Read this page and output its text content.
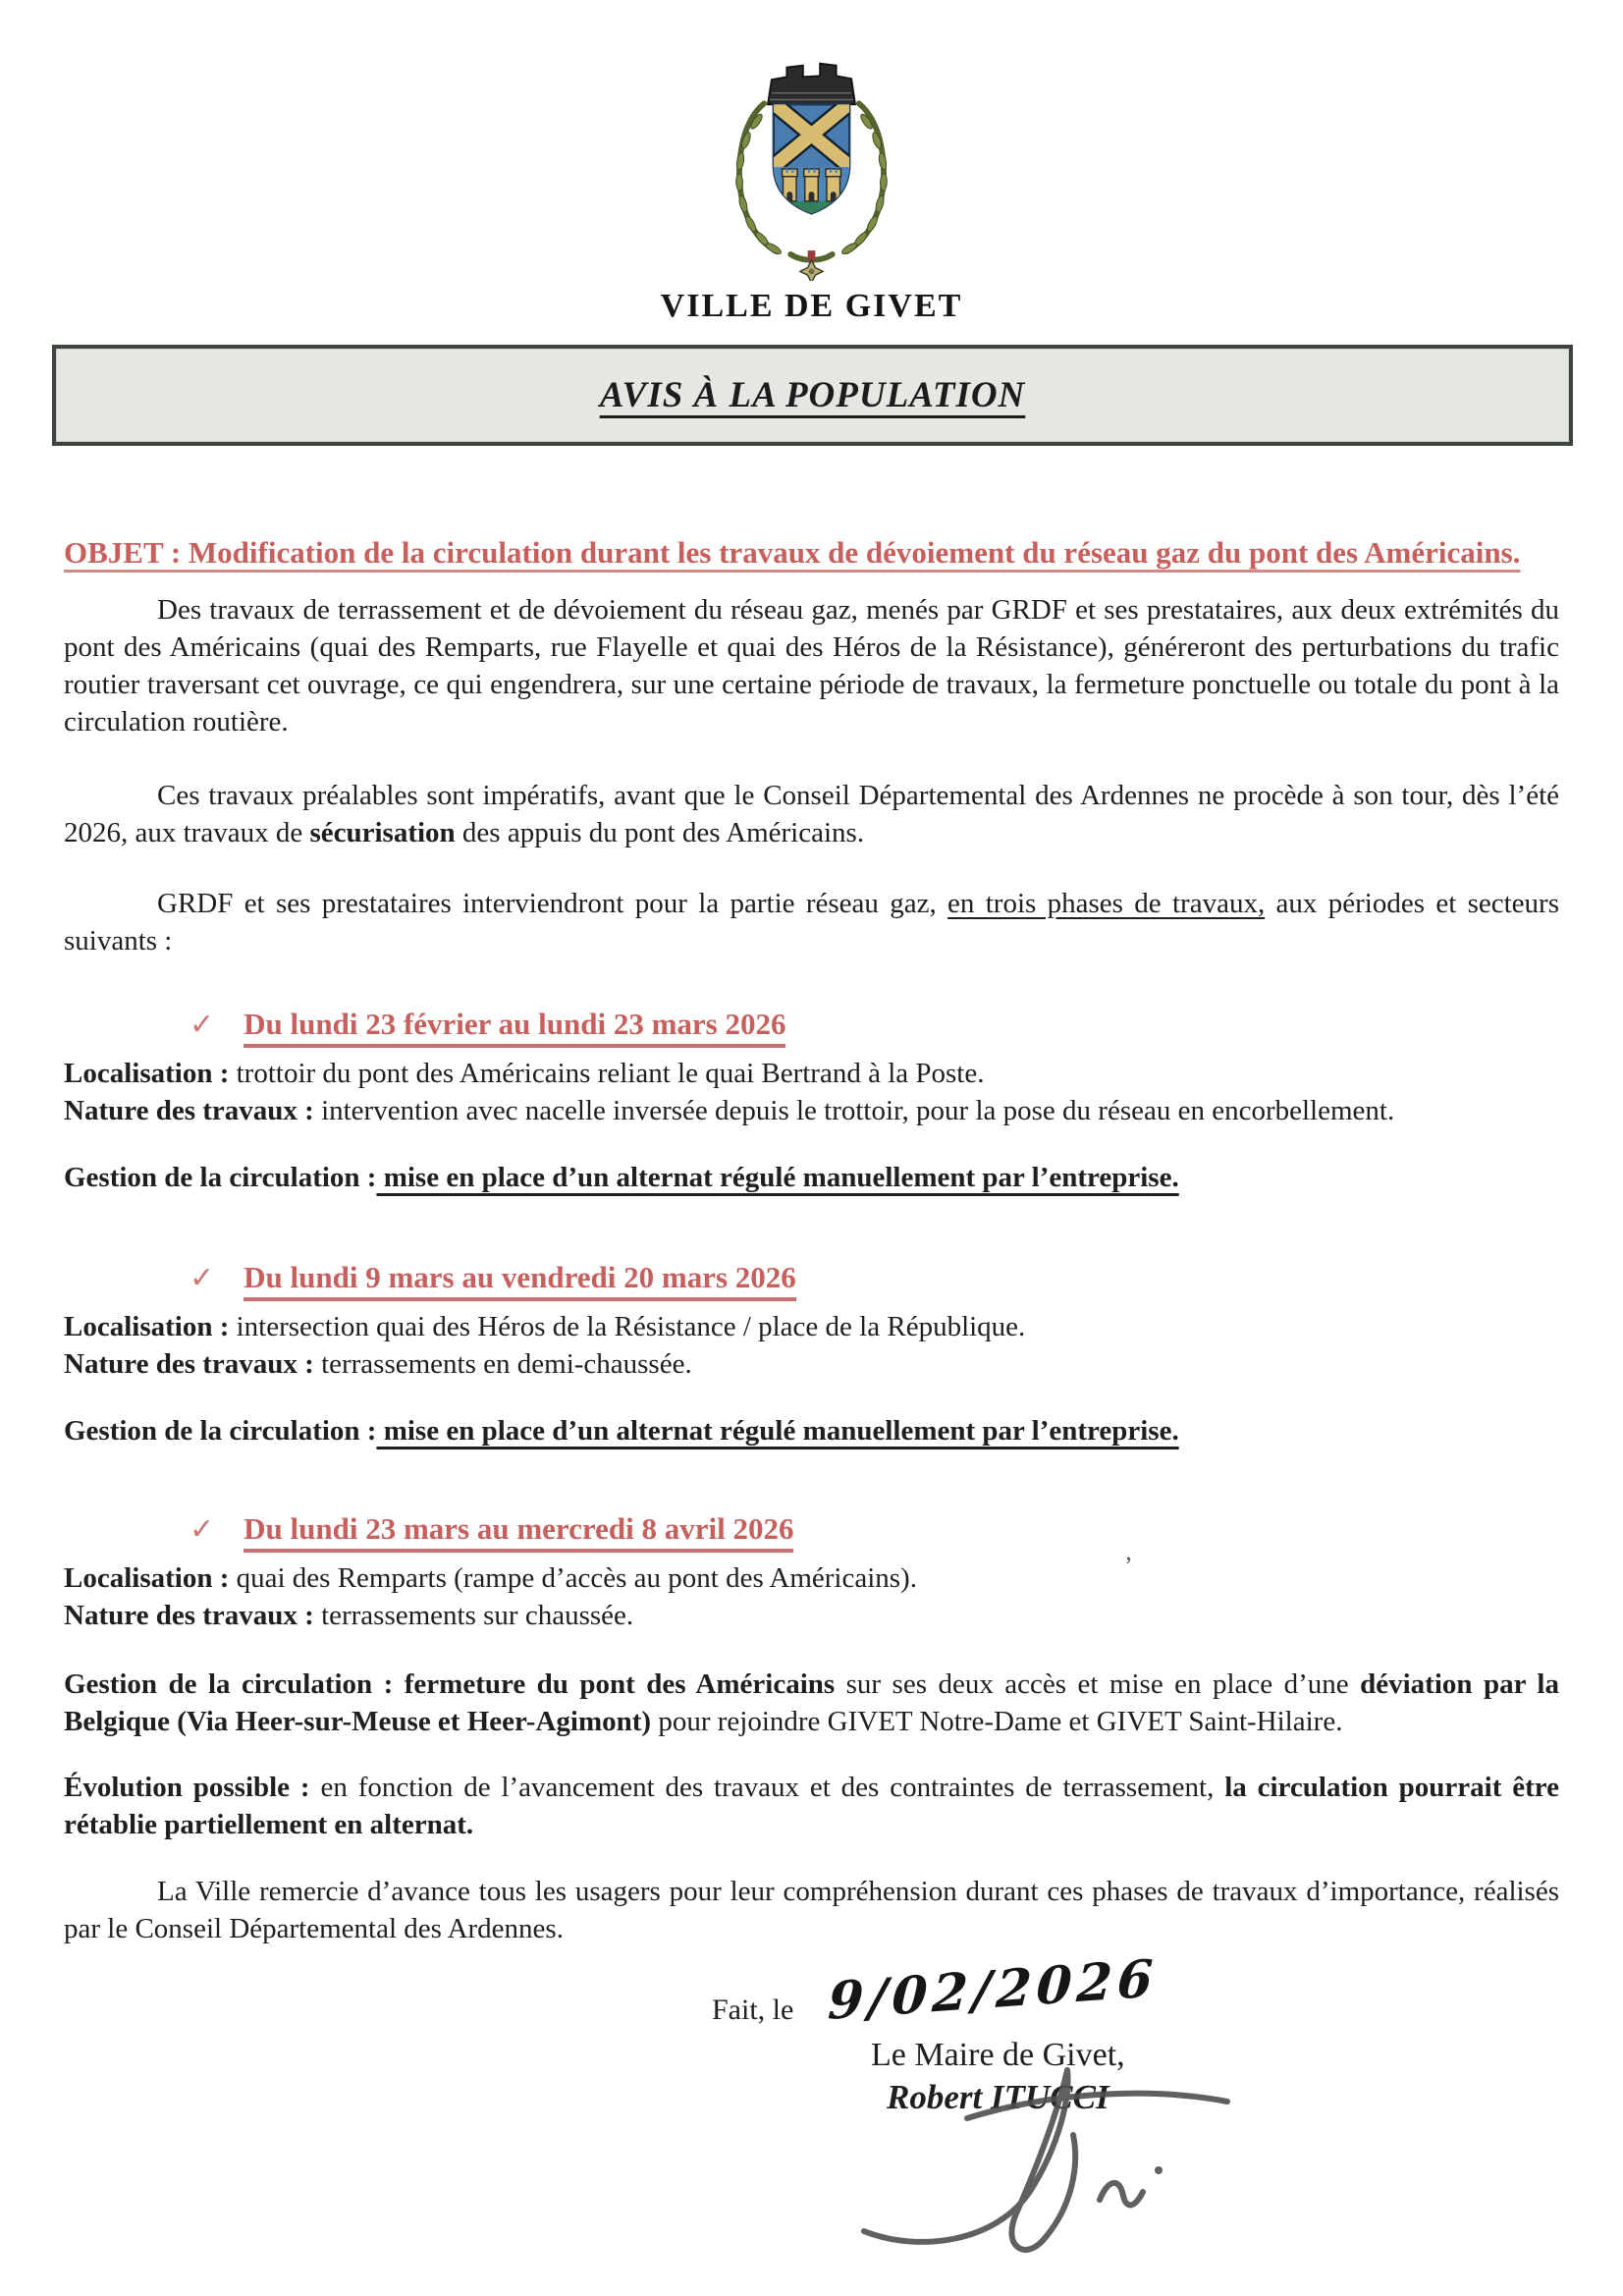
VILLE DE GIVET
AVIS À LA POPULATION
OBJET : Modification de la circulation durant les travaux de dévoiement du réseau gaz du pont des Américains.

Des travaux de terrassement et de dévoiement du réseau gaz, menés par GRDF et ses prestataires, aux deux extrémités du pont des Américains (quai des Remparts, rue Flayelle et quai des Héros de la Résistance), généreront des perturbations du trafic routier traversant cet ouvrage, ce qui engendrera, sur une certaine période de travaux, la fermeture ponctuelle ou totale du pont à la circulation routière.

Ces travaux préalables sont impératifs, avant que le Conseil Départemental des Ardennes ne procède à son tour, dès l’été 2026, aux travaux de sécurisation des appuis du pont des Américains.

GRDF et ses prestataires interviendront pour la partie réseau gaz, en trois phases de travaux, aux périodes et secteurs suivants :

✓ Du lundi 23 février au lundi 23 mars 2026
Localisation : trottoir du pont des Américains reliant le quai Bertrand à la Poste.
Nature des travaux : intervention avec nacelle inversée depuis le trottoir, pour la pose du réseau en encorbellement.
Gestion de la circulation : mise en place d’un alternat régulé manuellement par l’entreprise.
✓ Du lundi 9 mars au vendredi 20 mars 2026
Localisation : intersection quai des Héros de la Résistance / place de la République.
Nature des travaux : terrassements en demi-chaussée.
Gestion de la circulation : mise en place d’un alternat régulé manuellement par l’entreprise.
✓ Du lundi 23 mars au mercredi 8 avril 2026
Localisation : quai des Remparts (rampe d’accès au pont des Américains).	’
Nature des travaux : terrassements sur chaussée.

Gestion de la circulation : fermeture du pont des Américains sur ses deux accès et mise en place d’une déviation par la Belgique (Via Heer-sur-Meuse et Heer-Agimont) pour rejoindre GIVET Notre-Dame et GIVET Saint-Hilaire.

Évolution possible : en fonction de l’avancement des travaux et des contraintes de terrassement, la circulation pourrait être rétablie partiellement en alternat.

La Ville remercie d’avance tous les usagers pour leur compréhension durant ces phases de travaux d’importance, réalisés par le Conseil Départemental des Ardennes.

Fait, le 9/02/2026
Le Maire de Givet,
Robert ITUCCI
